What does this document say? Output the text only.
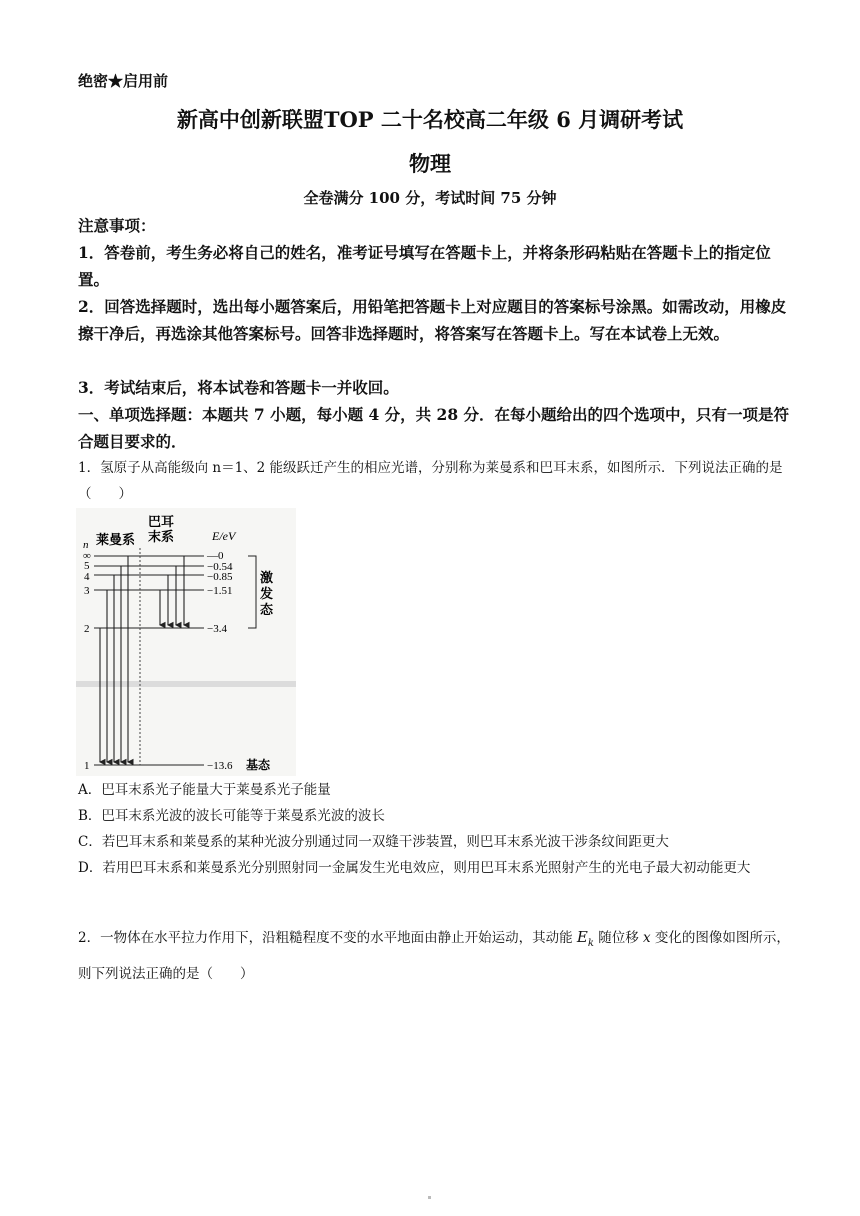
绝密★启用前
新高中创新联盟TOP 二十名校高二年级 6 月调研考试
物理
全卷满分 100 分，考试时间 75 分钟
注意事项：
1．答卷前，考生务必将自己的姓名，准考证号填写在答题卡上，并将条形码粘贴在答题卡上的指定位置。
2．回答选择题时，选出每小题答案后，用铅笔把答题卡上对应题目的答案标号涂黑。如需改动，用橡皮擦干净后，再选涂其他答案标号。回答非选择题时，将答案写在答题卡上。写在本试卷上无效。
3．考试结束后，将本试卷和答题卡一并收回。
一、单项选择题：本题共 7 小题，每小题 4 分，共 28 分．在每小题给出的四个选项中，只有一项是符合题目要求的．
1．氢原子从高能级向 n＝1、2 能级跃迁产生的相应光谱，分别称为莱曼系和巴耳末系，如图所示．下列说法正确的是（　　）
巴耳
末系
莱曼系
n
E/eV
∞
5
4
3
2
1
—0
−0.54
−0.85
−1.51
−3.4
−13.6 基态
激
发
态
A．巴耳末系光子能量大于莱曼系光子能量
B．巴耳末系光波的波长可能等于莱曼系光波的波长
C．若巴耳末系和莱曼系的某种光波分别通过同一双缝干涉装置，则巴耳末系光波干涉条纹间距更大
D．若用巴耳末系和莱曼系光分别照射同一金属发生光电效应，则用巴耳末系光照射产生的光电子最大初动能更大
2．一物体在水平拉力作用下，沿粗糙程度不变的水平地面由静止开始运动，其动能 $E_k$ 随位移 x 变化的图像如图所示，则下列说法正确的是（　　）
